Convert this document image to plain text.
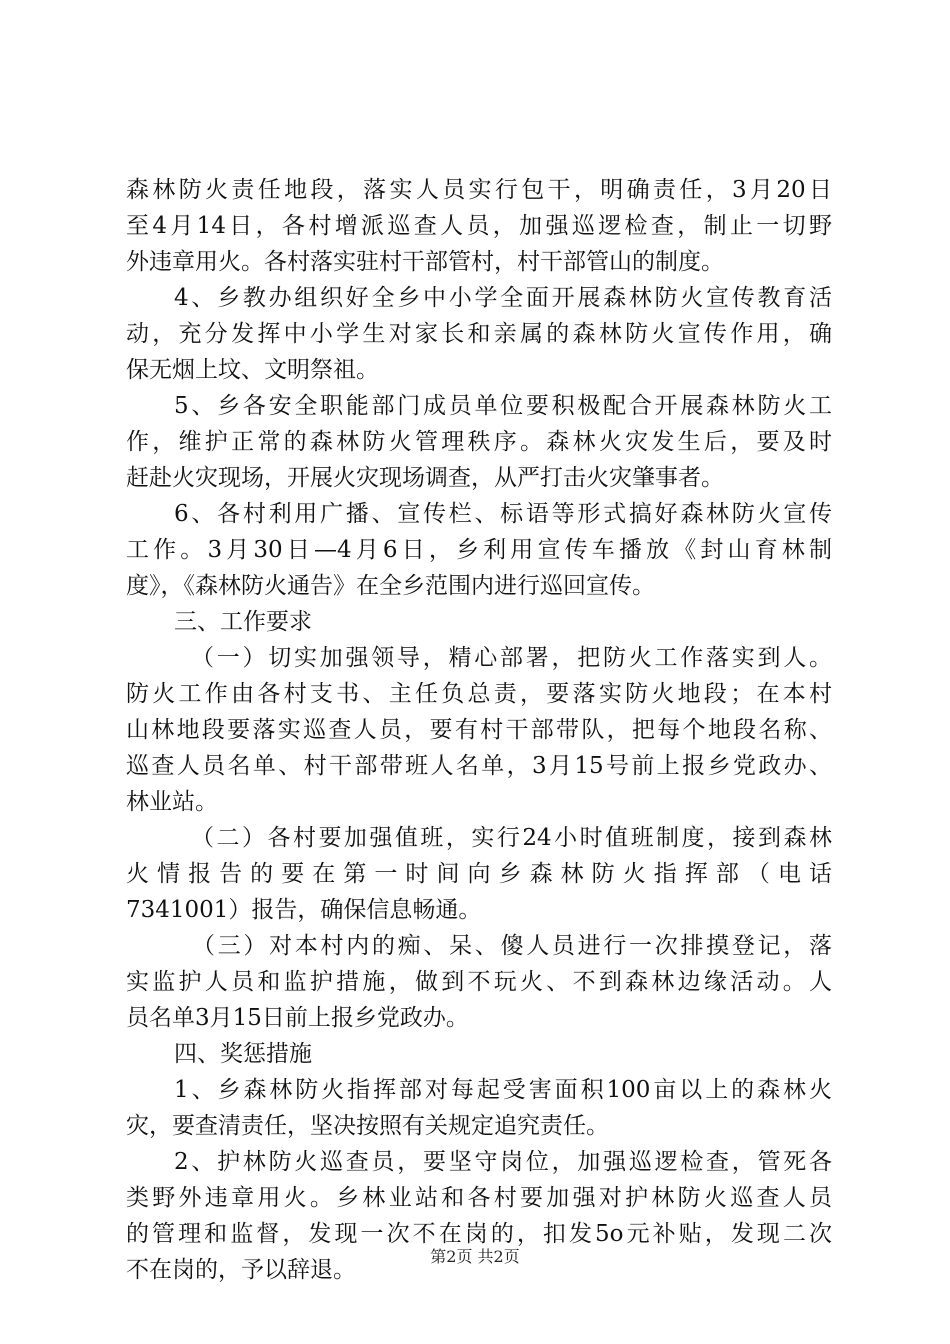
森林防火责任地段，落实人员实行包干，明确责任，3月20日
至4月14日，各村增派巡查人员，加强巡逻检查，制止一切野
外违章用火。各村落实驻村干部管村，村干部管山的制度。
4、乡教办组织好全乡中小学全面开展森林防火宣传教育活
动，充分发挥中小学生对家长和亲属的森林防火宣传作用，确
保无烟上坟、文明祭祖。
5、乡各安全职能部门成员单位要积极配合开展森林防火工
作，维护正常的森林防火管理秩序。森林火灾发生后，要及时
赶赴火灾现场，开展火灾现场调查，从严打击火灾肇事者。
6、各村利用广播、宣传栏、标语等形式搞好森林防火宣传
工作。3月30日—4月6日，乡利用宣传车播放《封山育林制
度》，《森林防火通告》在全乡范围内进行巡回宣传。
三、工作要求
（一）切实加强领导，精心部署，把防火工作落实到人。
防火工作由各村支书、主任负总责，要落实防火地段；在本村
山林地段要落实巡查人员，要有村干部带队，把每个地段名称、
巡查人员名单、村干部带班人名单，3月15号前上报乡党政办、
林业站。
（二）各村要加强值班，实行24小时值班制度，接到森林
火情报告的要在第一时间向乡森林防火指挥部（电话
7341001）报告，确保信息畅通。
（三）对本村内的痴、呆、傻人员进行一次排摸登记，落
实监护人员和监护措施，做到不玩火、不到森林边缘活动。人
员名单3月15日前上报乡党政办。
四、奖惩措施
1、乡森林防火指挥部对每起受害面积100亩以上的森林火
灾，要查清责任，坚决按照有关规定追究责任。
2、护林防火巡查员，要坚守岗位，加强巡逻检查，管死各
类野外违章用火。乡林业站和各村要加强对护林防火巡查人员
的管理和监督，发现一次不在岗的，扣发5o元补贴，发现二次
不在岗的，予以辞退。
第2页 共2页
